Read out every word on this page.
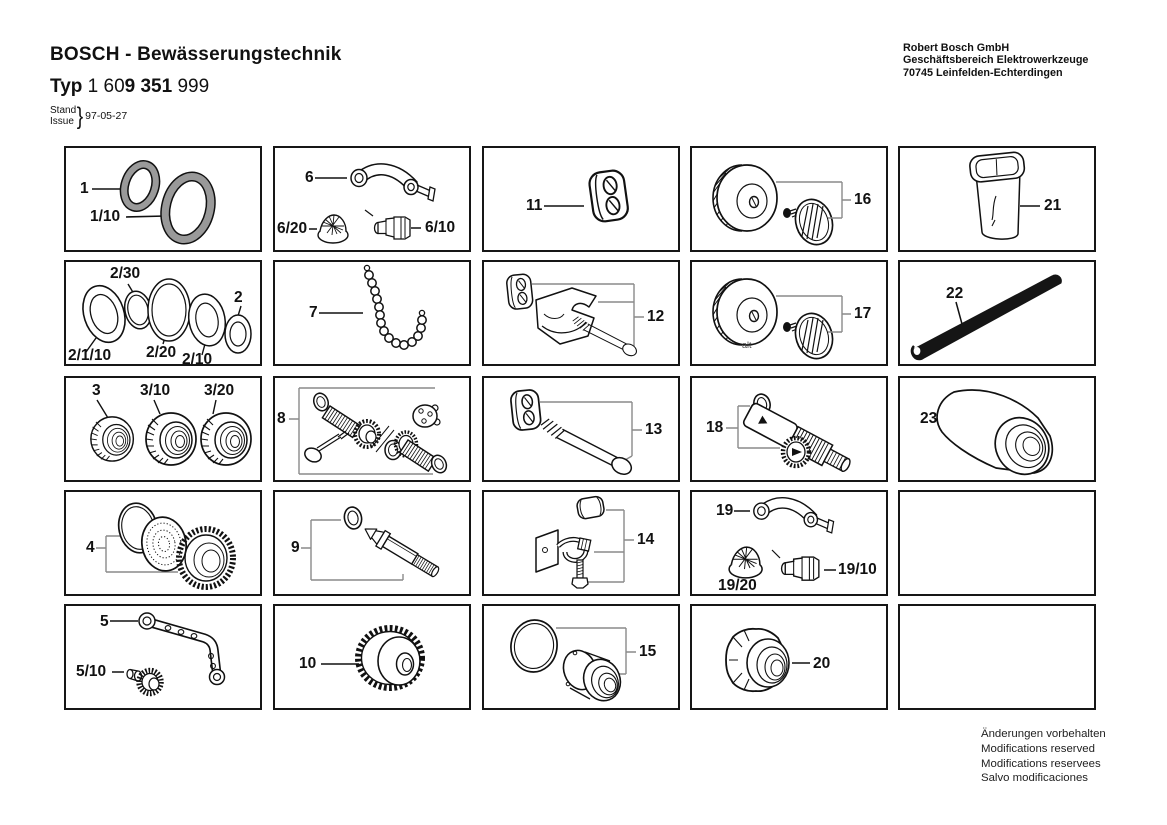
BOSCH - Bewässerungstechnik
Typ 1 609 351 999
Stand
Issue } 97-05-27
Robert Bosch GmbH
Geschäftsbereich Elektrowerkzeuge
70745 Leinfelden-Echterdingen
1
1/10
6
6/20	6/10
11	16	21
2/30
2
2/1/10 2/20 2/10
7	12	17
alt
22
3	3/10 3/20
8
13	18
23
4	9	14
19
19/20
19/10
5
5/10	10
15
20
Änderungen vorbehalten
Modifications reserved
Modifications reservees
Salvo modificaciones
